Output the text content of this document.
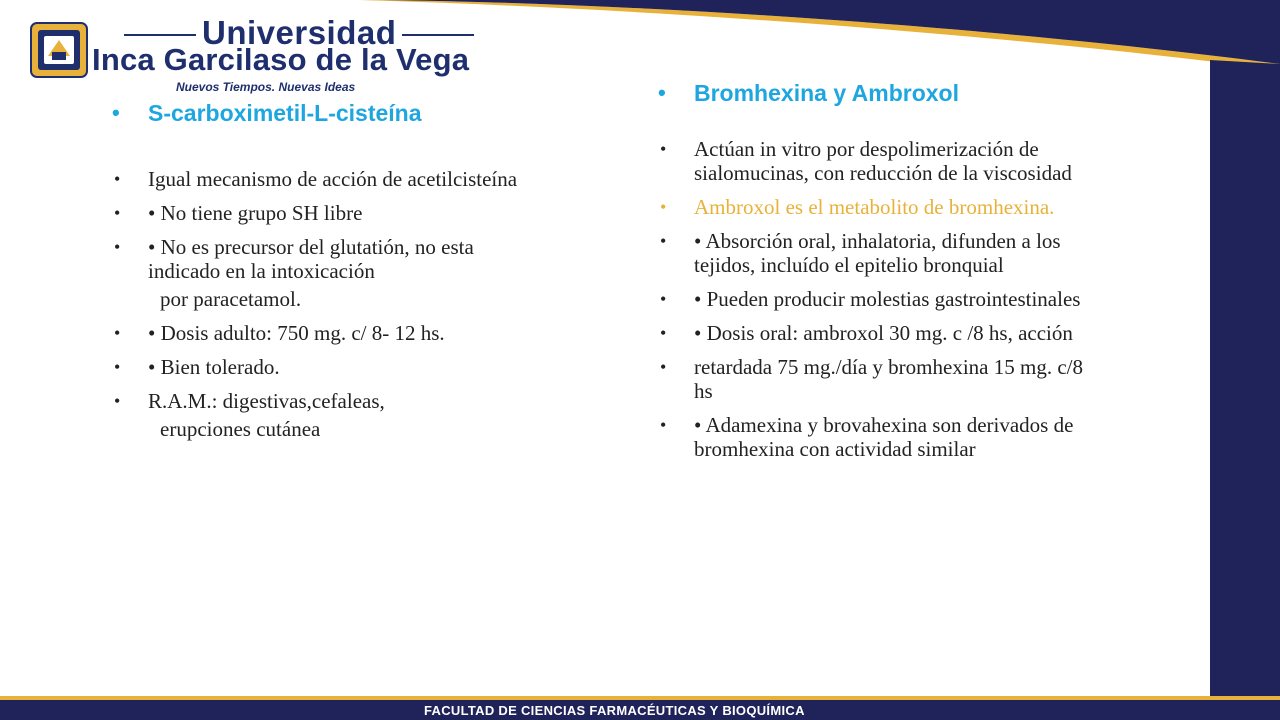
Universidad
Inca Garcilaso de la Vega
Nuevos Tiempos. Nuevas Ideas
• S-carboximetil-L-cisteína
• Igual mecanismo de acción de acetilcisteína
• • No tiene grupo SH libre
• • No es precursor del glutatión, no esta indicado en la intoxicación
por paracetamol.
• • Dosis adulto: 750 mg. c/ 8- 12 hs.
• • Bien tolerado.
• R.A.M.: digestivas,cefaleas,
erupciones cutánea
• Bromhexina y Ambroxol
• Actúan in vitro por despolimerización de sialomucinas, con reducción de la viscosidad
• Ambroxol es el metabolito de bromhexina.
• • Absorción oral, inhalatoria, difunden a los tejidos, incluído el epitelio bronquial
• • Pueden producir molestias gastrointestinales
• • Dosis oral: ambroxol 30 mg. c /8 hs, acción
• retardada 75 mg./día y bromhexina 15 mg. c/8 hs
• • Adamexina y brovahexina son derivados de bromhexina con actividad similar
FACULTAD DE CIENCIAS FARMACÉUTICAS Y BIOQUÍMICA
